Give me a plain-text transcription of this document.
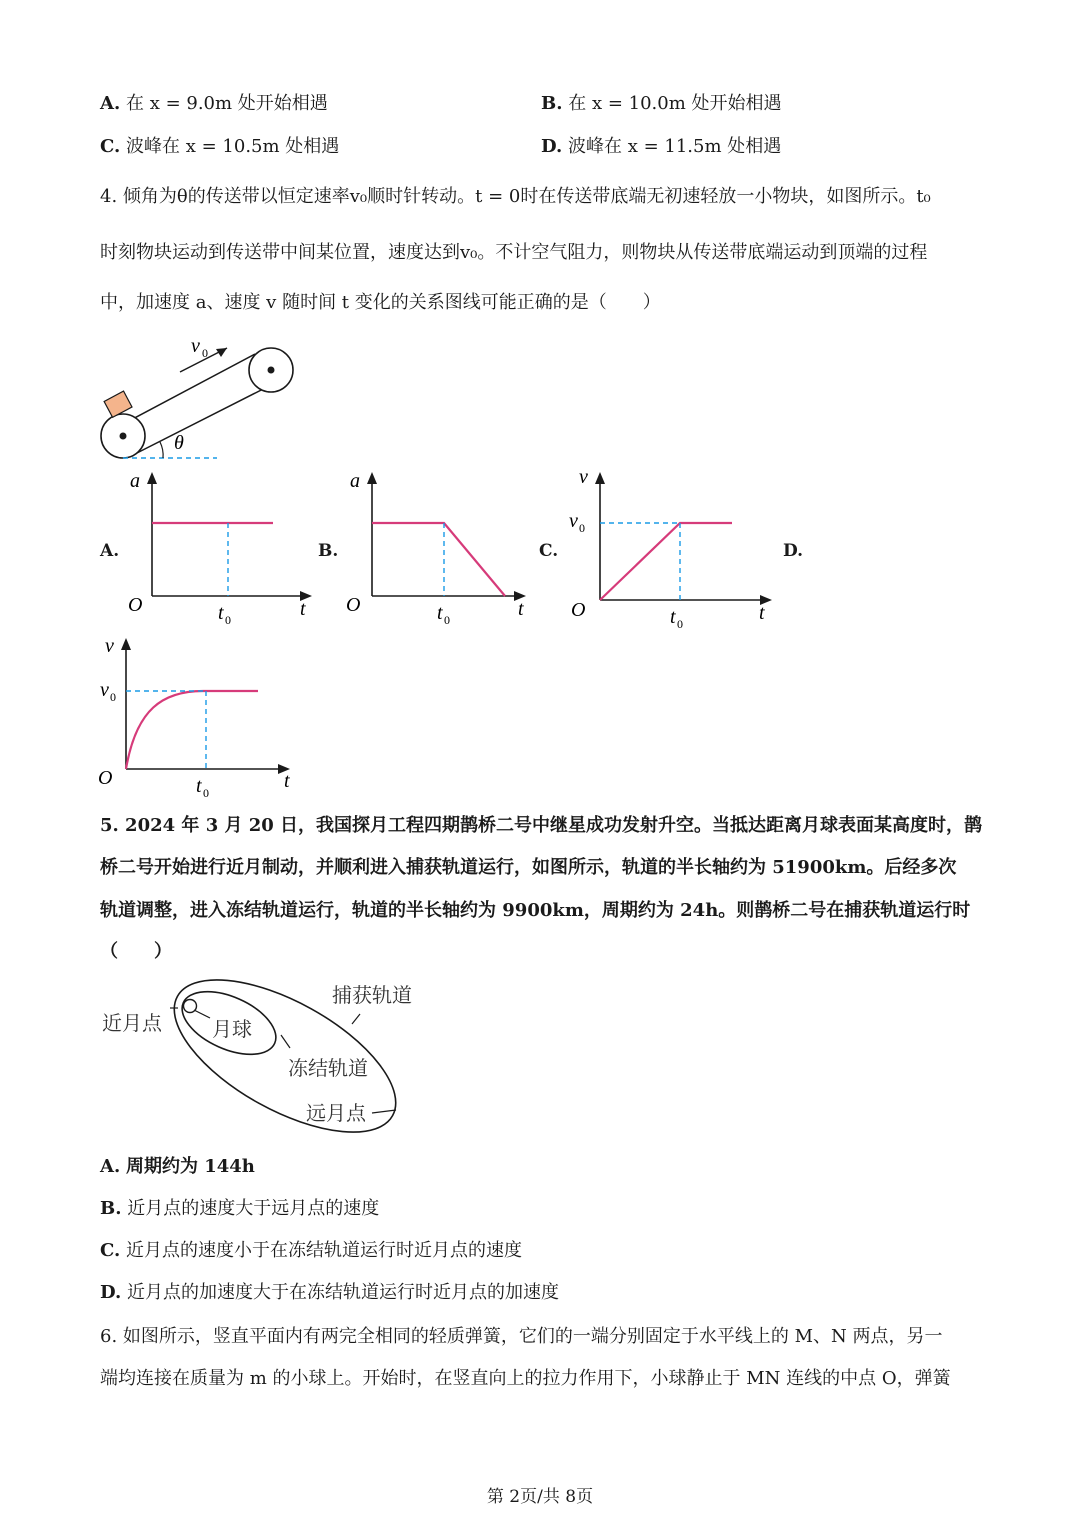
A. 在 x = 9.0m 处开始相遇	B. 在 x = 10.0m 处开始相遇
C. 波峰在 x = 10.5m 处相遇	D. 波峰在 x = 11.5m 处相遇
4. 倾角为θ的传送带以恒定速率v₀顺时针转动。t = 0时在传送带底端无初速轻放一小物块，如图所示。t₀
时刻物块运动到传送带中间某位置，速度达到v₀。不计空气阻力，则物块从传送带底端运动到顶端的过程
中，加速度 a、速度 v 随时间 t 变化的关系图线可能正确的是（　　）
θ
v 0
A.	B.	C.	D.
a
O	t
t 0
a
O	t
t 0
v
v 0
O	t
t 0
v
v 0
O	t
t 0
5. 2024 年 3 月 20 日，我国探月工程四期鹊桥二号中继星成功发射升空。当抵达距离月球表面某高度时，鹊
桥二号开始进行近月制动，并顺利进入捕获轨道运行，如图所示，轨道的半长轴约为 51900km。后经多次
轨道调整，进入冻结轨道运行，轨道的半长轴约为 9900km，周期约为 24h。则鹊桥二号在捕获轨道运行时
（　　）
捕获轨道
近月点	月球
冻结轨道
远月点
A. 周期约为 144h
B. 近月点的速度大于远月点的速度
C. 近月点的速度小于在冻结轨道运行时近月点的速度
D. 近月点的加速度大于在冻结轨道运行时近月点的加速度
6. 如图所示，竖直平面内有两完全相同的轻质弹簧，它们的一端分别固定于水平线上的 M、N 两点，另一
端均连接在质量为 m 的小球上。开始时，在竖直向上的拉力作用下，小球静止于 MN 连线的中点 O，弹簧
第 2页/共 8页
